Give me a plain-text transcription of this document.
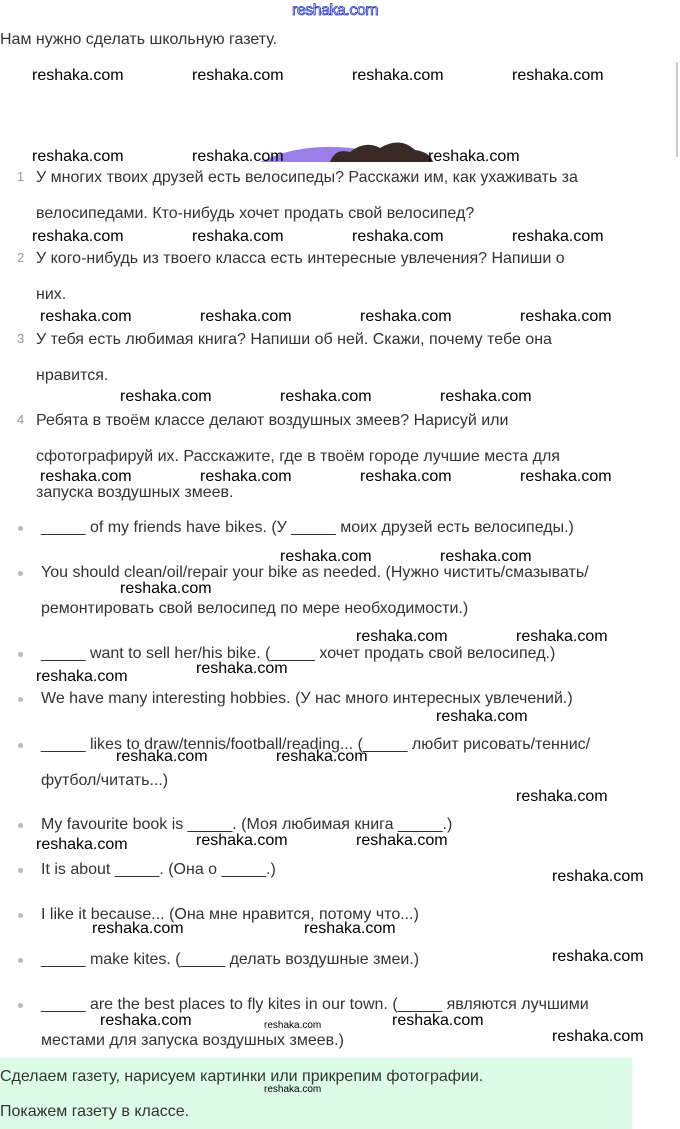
reshaka.com
Нам нужно сделать школьную газету.
1 У многих твоих друзей есть велосипеды? Расскажи им, как ухаживать за
велосипедами. Кто-нибудь хочет продать свой велосипед?
2 У кого-нибудь из твоего класса есть интересные увлечения? Напиши о
них.
3 У тебя есть любимая книга? Напиши об ней. Скажи, почему тебе она
нравится.
4 Ребята в твоём классе делают воздушных змеев? Нарисуй или
сфотографируй их. Расскажите, где в твоём городе лучшие места для
запуска воздушных змеев.
_____ of my friends have bikes. (У _____ моих друзей есть велосипеды.)
You should clean/oil/repair your bike as needed. (Нужно чистить/смазывать/
ремонтировать свой велосипед по мере необходимости.)
_____ want to sell her/his bike. (_____ хочет продать свой велосипед.)
We have many interesting hobbies. (У нас много интересных увлечений.)
_____ likes to draw/tennis/football/reading... (_____ любит рисовать/теннис/
футбол/читать...)
My favourite book is _____. (Моя любимая книга _____.)
It is about _____. (Она о _____.)
I like it because... (Она мне нравится, потому что...)
_____ make kites. (_____ делать воздушные змеи.)
_____ are the best places to fly kites in our town. (_____ являются лучшими
местами для запуска воздушных змеев.)
Сделаем газету, нарисуем картинки или прикрепим фотографии.
Покажем газету в классе.
reshaka.com	reshaka.com	reshaka.com	reshaka.com
reshaka.com	reshaka.com	reshaka.com
reshaka.com	reshaka.com	reshaka.com	reshaka.com
reshaka.com	reshaka.com	reshaka.com	reshaka.com
reshaka.com	reshaka.com	reshaka.com
reshaka.com	reshaka.com	reshaka.com	reshaka.com
reshaka.com	reshaka.com
reshaka.com
reshaka.com	reshaka.com
reshaka.com
reshaka.com
reshaka.com
reshaka.com	reshaka.com
reshaka.com
reshaka.com	reshaka.com
reshaka.com
reshaka.com
reshaka.com	reshaka.com
reshaka.com
reshaka.com	reshaka.com
reshaka.com
reshaka.com
reshaka.com
